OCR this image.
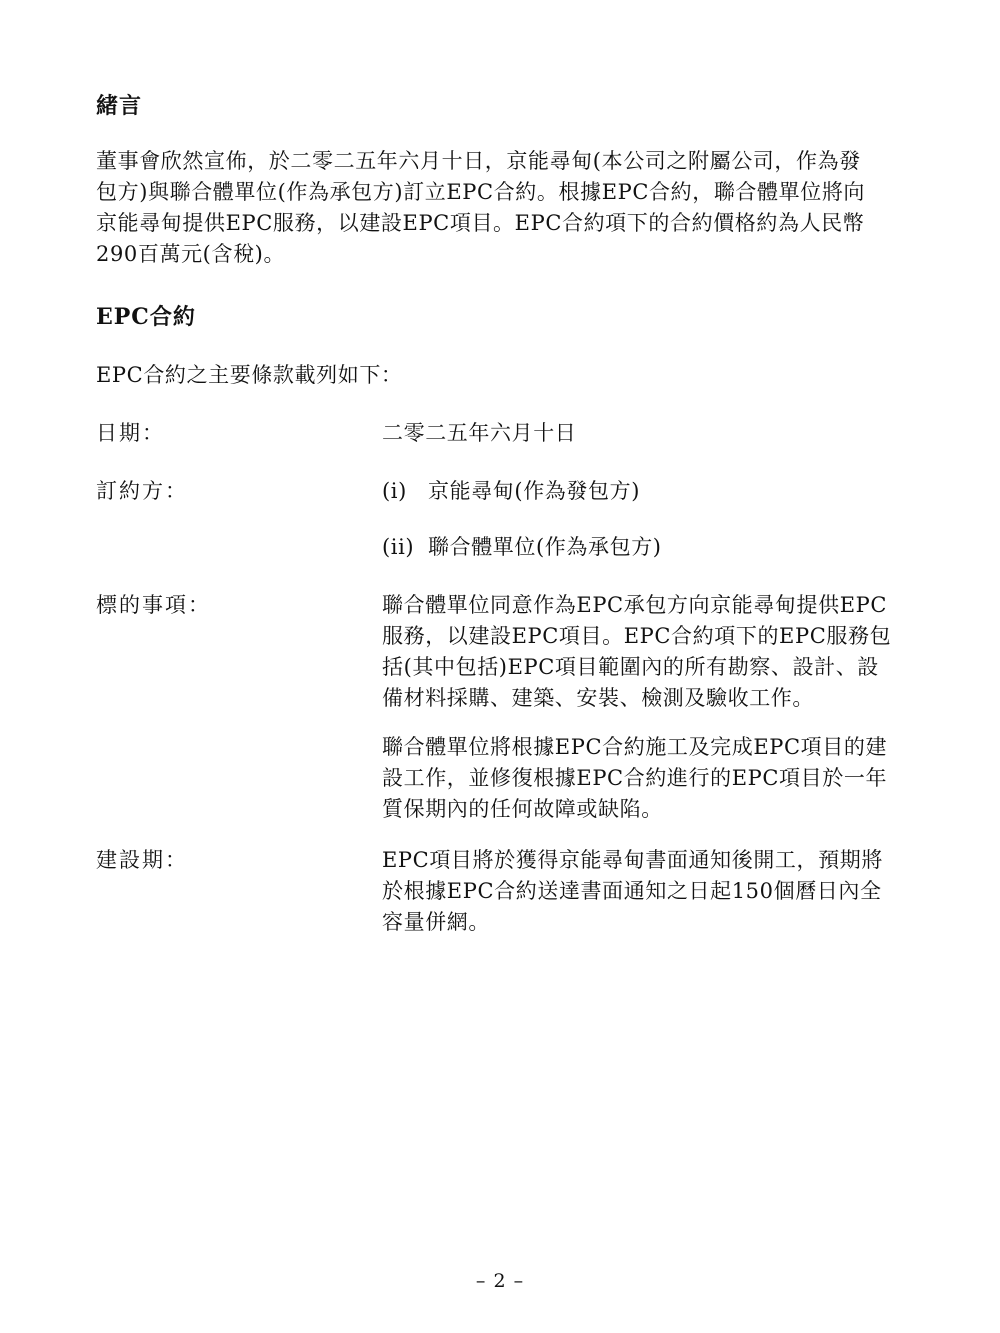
緒言
董事會欣然宣佈，於二零二五年六月十日，京能尋甸(本公司之附屬公司，作為發
包方)與聯合體單位(作為承包方)訂立EPC合約。根據EPC合約，聯合體單位將向
京能尋甸提供EPC服務，以建設EPC項目。EPC合約項下的合約價格約為人民幣
290百萬元(含稅)。
EPC合約
EPC合約之主要條款載列如下：
日期：	二零二五年六月十日
訂約方：	(i) 京能尋甸(作為發包方)
(ii) 聯合體單位(作為承包方)
標的事項：	聯合體單位同意作為EPC承包方向京能尋甸提供EPC
服務，以建設EPC項目。EPC合約項下的EPC服務包
括(其中包括)EPC項目範圍內的所有勘察、設計、設
備材料採購、建築、安裝、檢測及驗收工作。
聯合體單位將根據EPC合約施工及完成EPC項目的建
設工作，並修復根據EPC合約進行的EPC項目於一年
質保期內的任何故障或缺陷。
建設期：	EPC項目將於獲得京能尋甸書面通知後開工，預期將
於根據EPC合約送達書面通知之日起150個曆日內全
容量併網。
– 2 –
